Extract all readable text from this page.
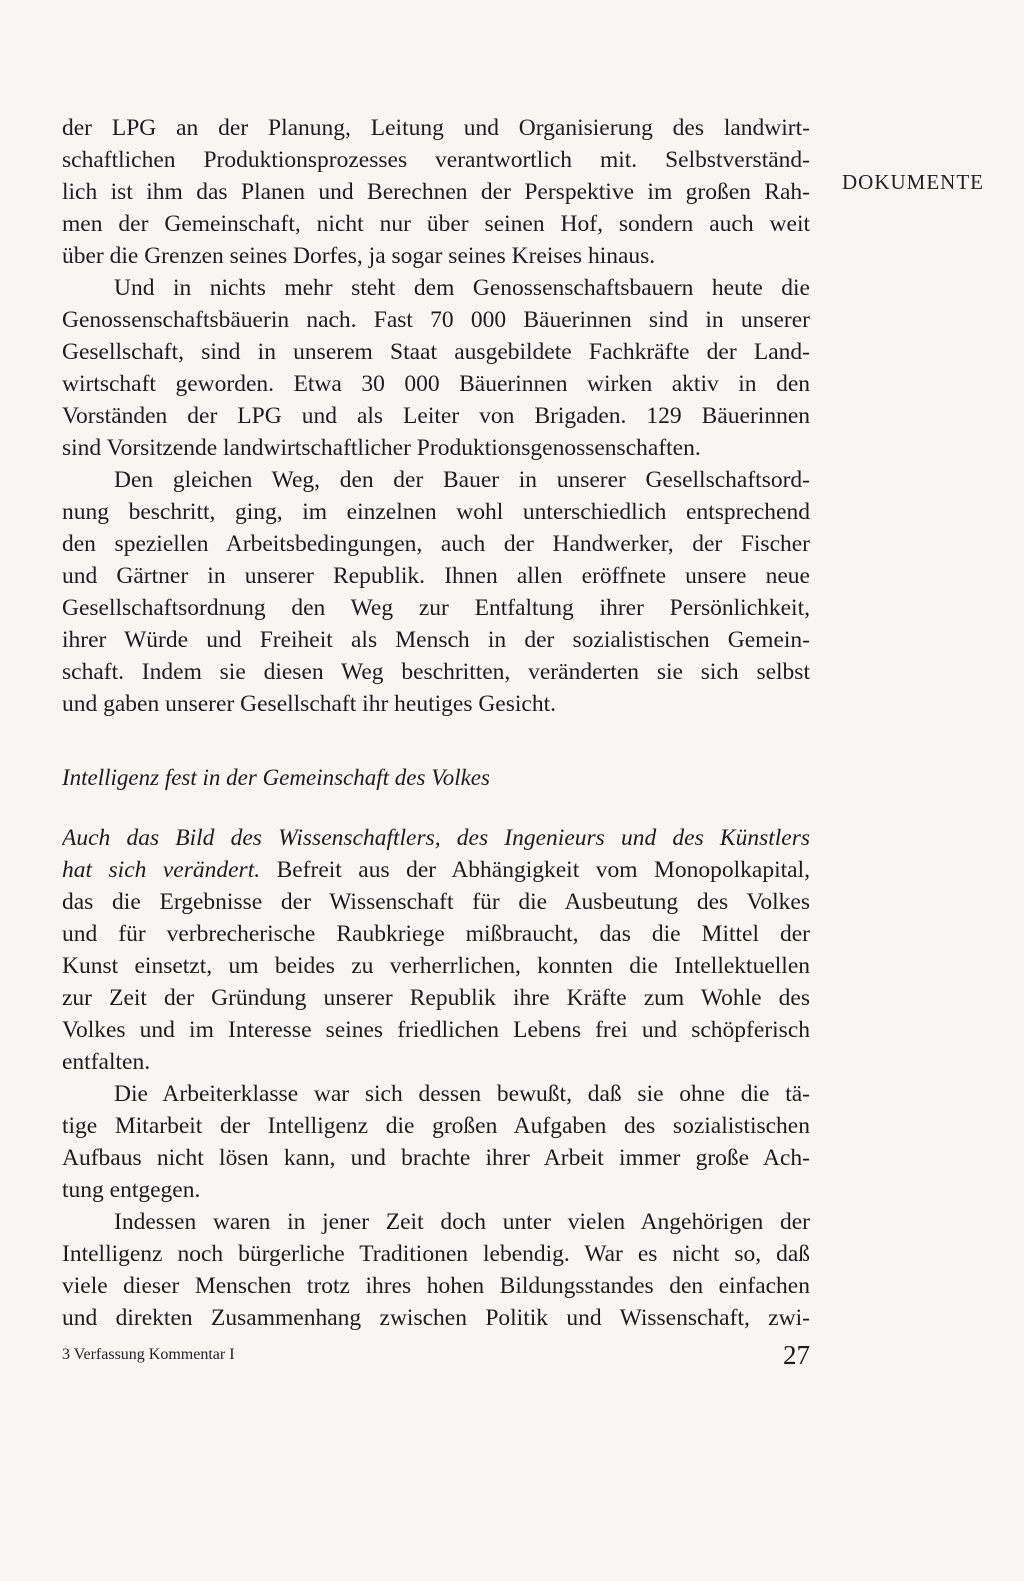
DOKUMENTE
der LPG an der Planung, Leitung und Organisierung des landwirt-
schaftlichen Produktionsprozesses verantwortlich mit. Selbstverständ-
lich ist ihm das Planen und Berechnen der Perspektive im großen Rah-
men der Gemeinschaft, nicht nur über seinen Hof, sondern auch weit
über die Grenzen seines Dorfes, ja sogar seines Kreises hinaus.
Und in nichts mehr steht dem Genossenschaftsbauern heute die
Genossenschaftsbäuerin nach. Fast 70 000 Bäuerinnen sind in unserer
Gesellschaft, sind in unserem Staat ausgebildete Fachkräfte der Land-
wirtschaft geworden. Etwa 30 000 Bäuerinnen wirken aktiv in den
Vorständen der LPG und als Leiter von Brigaden. 129 Bäuerinnen
sind Vorsitzende landwirtschaftlicher Produktionsgenossenschaften.
Den gleichen Weg, den der Bauer in unserer Gesellschaftsord-
nung beschritt, ging, im einzelnen wohl unterschiedlich entsprechend
den speziellen Arbeitsbedingungen, auch der Handwerker, der Fischer
und Gärtner in unserer Republik. Ihnen allen eröffnete unsere neue
Gesellschaftsordnung den Weg zur Entfaltung ihrer Persönlichkeit,
ihrer Würde und Freiheit als Mensch in der sozialistischen Gemein-
schaft. Indem sie diesen Weg beschritten, veränderten sie sich selbst
und gaben unserer Gesellschaft ihr heutiges Gesicht.
Intelligenz fest in der Gemeinschaft des Volkes
Auch das Bild des Wissenschaftlers, des Ingenieurs und des Künstlers
hat sich verändert. Befreit aus der Abhängigkeit vom Monopolkapital,
das die Ergebnisse der Wissenschaft für die Ausbeutung des Volkes
und für verbrecherische Raubkriege mißbraucht, das die Mittel der
Kunst einsetzt, um beides zu verherrlichen, konnten die Intellektuellen
zur Zeit der Gründung unserer Republik ihre Kräfte zum Wohle des
Volkes und im Interesse seines friedlichen Lebens frei und schöpferisch
entfalten.
Die Arbeiterklasse war sich dessen bewußt, daß sie ohne die tä-
tige Mitarbeit der Intelligenz die großen Aufgaben des sozialistischen
Aufbaus nicht lösen kann, und brachte ihrer Arbeit immer große Ach-
tung entgegen.
Indessen waren in jener Zeit doch unter vielen Angehörigen der
Intelligenz noch bürgerliche Traditionen lebendig. War es nicht so, daß
viele dieser Menschen trotz ihres hohen Bildungsstandes den einfachen
und direkten Zusammenhang zwischen Politik und Wissenschaft, zwi-
3 Verfassung Kommentar I	27
